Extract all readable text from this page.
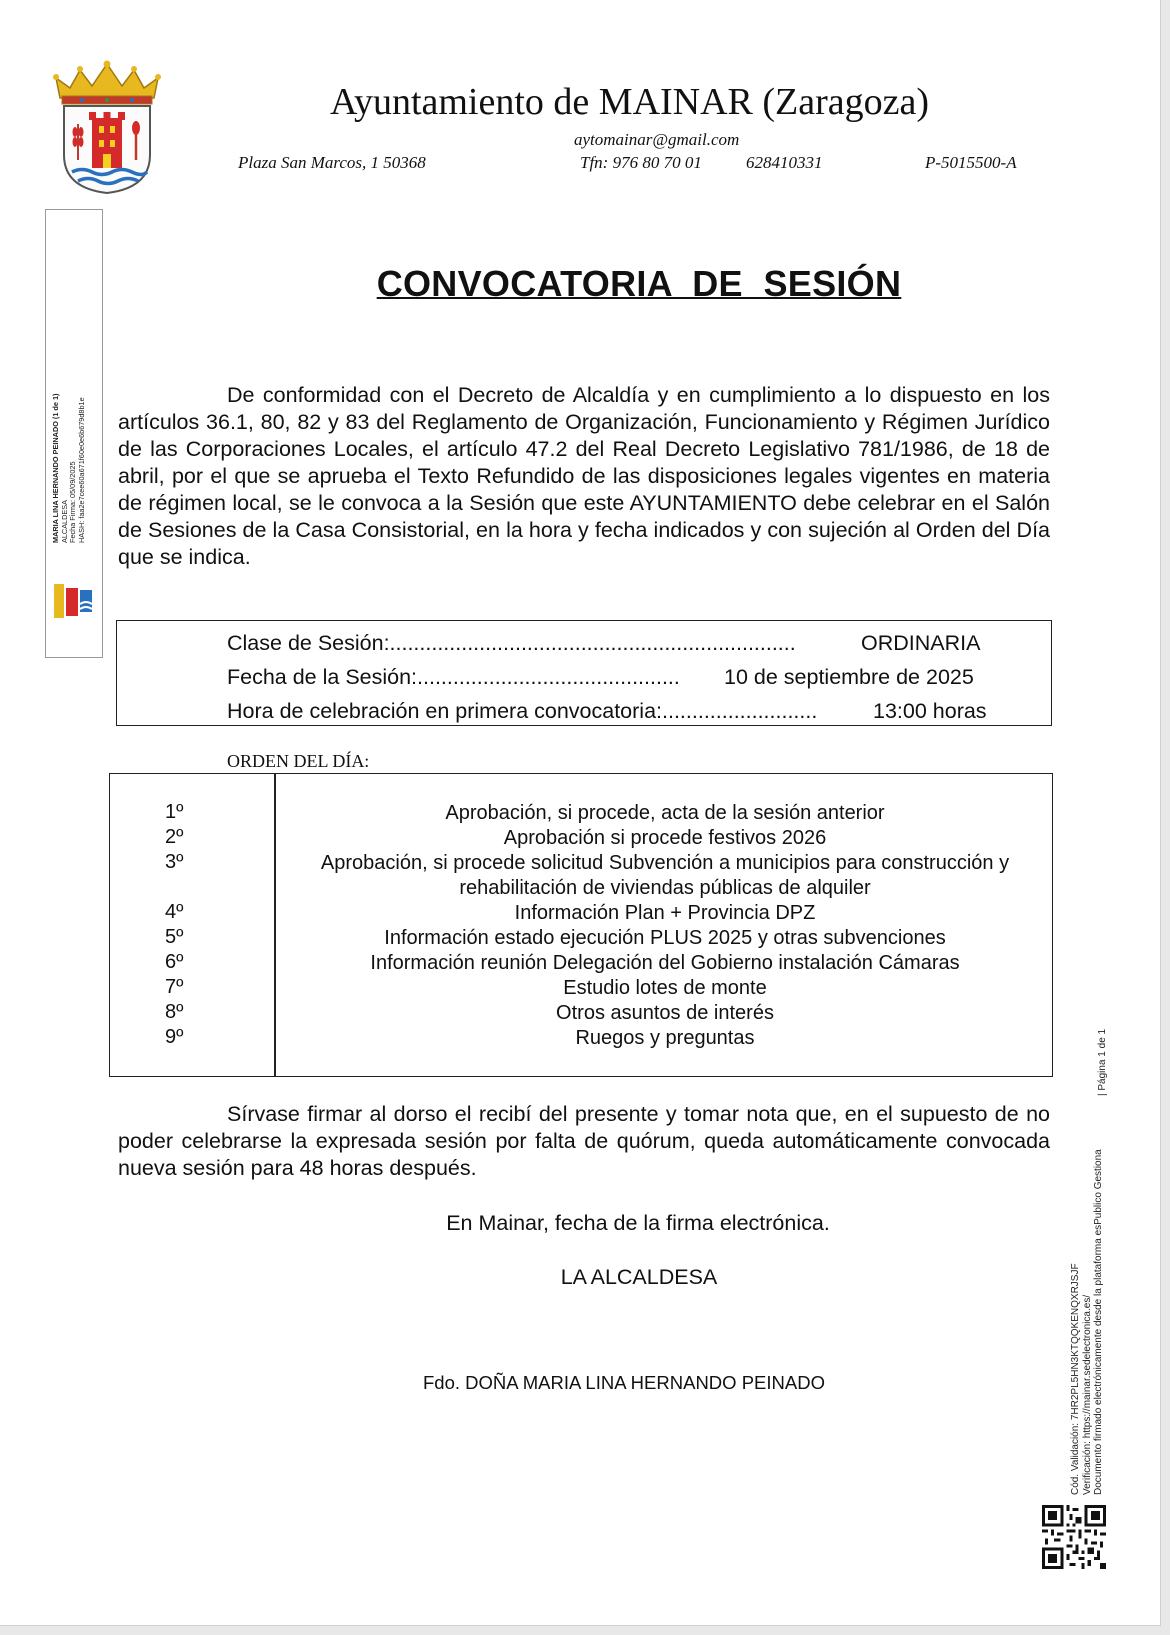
Ayuntamiento de MAINAR (Zaragoza)
aytomainar@gmail.com
Plaza San Marcos, 1 50368	Tfn: 976 80 70 01	628410331	P-5015500-A
MARIA LINA HERNANDO PEINADO (1 de 1) ALCALDESA Fecha Firma: 05/09/2025 HASH: faa2e7cee60a671f60e0e6b679d8b1e
CONVOCATORIA  DE  SESIÓN
De conformidad con el Decreto de Alcaldía y en cumplimiento a lo dispuesto en los artículos 36.1, 80, 82 y 83 del Reglamento de Organización, Funcionamiento y Régimen Jurídico de las Corporaciones Locales, el artículo 47.2 del Real Decreto Legislativo 781/1986, de 18 de abril, por el que se aprueba el Texto Refundido de las disposiciones legales vigentes en materia de régimen local, se le convoca a la Sesión que este AYUNTAMIENTO debe celebrar en el Salón de Sesiones de la Casa Consistorial, en la hora y fecha indicados y con sujeción al Orden del Día que se indica.
Clase de Sesión:....................................................................	ORDINARIA
Fecha de la Sesión:............................................ 10 de septiembre de 2025
Hora de celebración en primera convocatoria:..........................	13:00 horas
ORDEN DEL DÍA:
1º	Aprobación, si procede, acta de la sesión anterior
2º	Aprobación si procede festivos 2026
3º	Aprobación, si procede solicitud Subvención a municipios para construcción y rehabilitación de viviendas públicas de alquiler
4º	Información Plan + Provincia DPZ
5º	Información estado ejecución PLUS 2025 y otras subvenciones
6º	Información reunión Delegación del Gobierno instalación Cámaras
7º	Estudio lotes de monte
8º	Otros asuntos de interés
9º	Ruegos y preguntas
Sírvase firmar al dorso el recibí del presente y tomar nota que, en el supuesto de no poder celebrarse la expresada sesión por falta de quórum, queda automáticamente convocada nueva sesión para 48 horas después.
En Mainar, fecha de la firma electrónica.
LA ALCALDESA
Fdo. DOÑA MARIA LINA HERNANDO PEINADO	Cód. Validación: 7HR2PL5HN3KTQQKENQXRJSJF Verificación: https://mainar.sedelectronica.es/ Documento firmado electrónicamente desde la plataforma esPublico Gestiona
| Página 1 de 1
